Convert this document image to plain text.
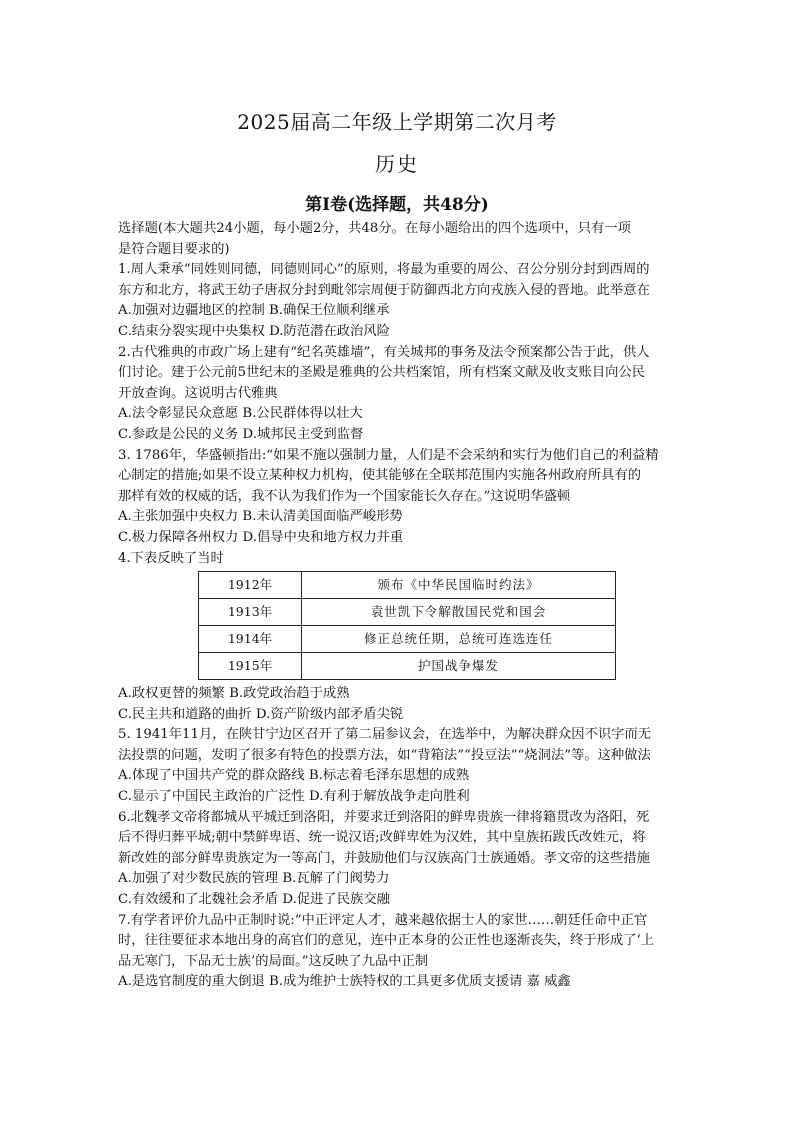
2025届高二年级上学期第二次月考
历史
第I卷(选择题，共48分)

选择题(本大题共24小题，每小题2分，共48分。在每小题给出的四个选项中，只有一项

是符合题目要求的)

1.周人秉承“同姓则同德，同德则同心”的原则，将最为重要的周公、召公分别分封到西周的

东方和北方，将武王幼子唐叔分封到毗邻宗周便于防御西北方向戎族入侵的晋地。此举意在

A.加强对边疆地区的控制 B.确保王位顺利继承

C.结束分裂实现中央集权 D.防范潜在政治风险

2.古代雅典的市政广场上建有“纪名英雄墙”，有关城邦的事务及法令预案都公告于此，供人

们讨论。建于公元前5世纪末的圣殿是雅典的公共档案馆，所有档案文献及收支账目向公民

开放查询。这说明古代雅典

A.法令彰显民众意愿 B.公民群体得以壮大

C.参政是公民的义务 D.城邦民主受到监督

3. 1786年，华盛顿指出:“如果不施以强制力量，人们是不会采纳和实行为他们自己的利益精

心制定的措施;如果不设立某种权力机构，使其能够在全联邦范围内实施各州政府所具有的

那样有效的权威的话，我不认为我们作为一个国家能长久存在。”这说明华盛顿

A.主张加强中央权力 B.未认清美国面临严峻形势

C.极力保障各州权力 D.倡导中央和地方权力并重

4.下表反映了当时

1912年	颁布《中华民国临时约法》
1913年	袁世凯下令解散国民党和国会
1914年	修正总统任期，总统可连选连任
1915年	护国战争爆发

A.政权更替的频繁 B.政党政治趋于成熟

C.民主共和道路的曲折 D.资产阶级内部矛盾尖锐

5. 1941年11月，在陕甘宁边区召开了第二届参议会，在选举中，为解决群众因不识字而无

法投票的问题，发明了很多有特色的投票方法，如“背箱法”“投豆法”“烧洞法”等。这种做法

A.体现了中国共产党的群众路线 B.标志着毛泽东思想的成熟

C.显示了中国民主政治的广泛性 D.有利于解放战争走向胜利

6.北魏孝文帝将都城从平城迁到洛阳，并要求迁到洛阳的鲜卑贵族一律将籍贯改为洛阳，死

后不得归葬平城;朝中禁鲜卑语、统一说汉语;改鲜卑姓为汉姓，其中皇族拓跋氏改姓元，将

新改姓的部分鲜卑贵族定为一等高门，并鼓励他们与汉族高门士族通婚。孝文帝的这些措施

A.加强了对少数民族的管理 B.瓦解了门阀势力

C.有效缓和了北魏社会矛盾 D.促进了民族交融

7.有学者评价九品中正制时说:“中正评定人才，越来越依据士人的家世……朝廷任命中正官

时，往往要征求本地出身的高官们的意见，连中正本身的公正性也逐渐丧失，终于形成了‘上

品无寒门，下品无士族’的局面。”这反映了九品中正制

A.是选官制度的重大倒退 B.成为维护士族特权的工具更多优质支援请 嘉 威鑫
